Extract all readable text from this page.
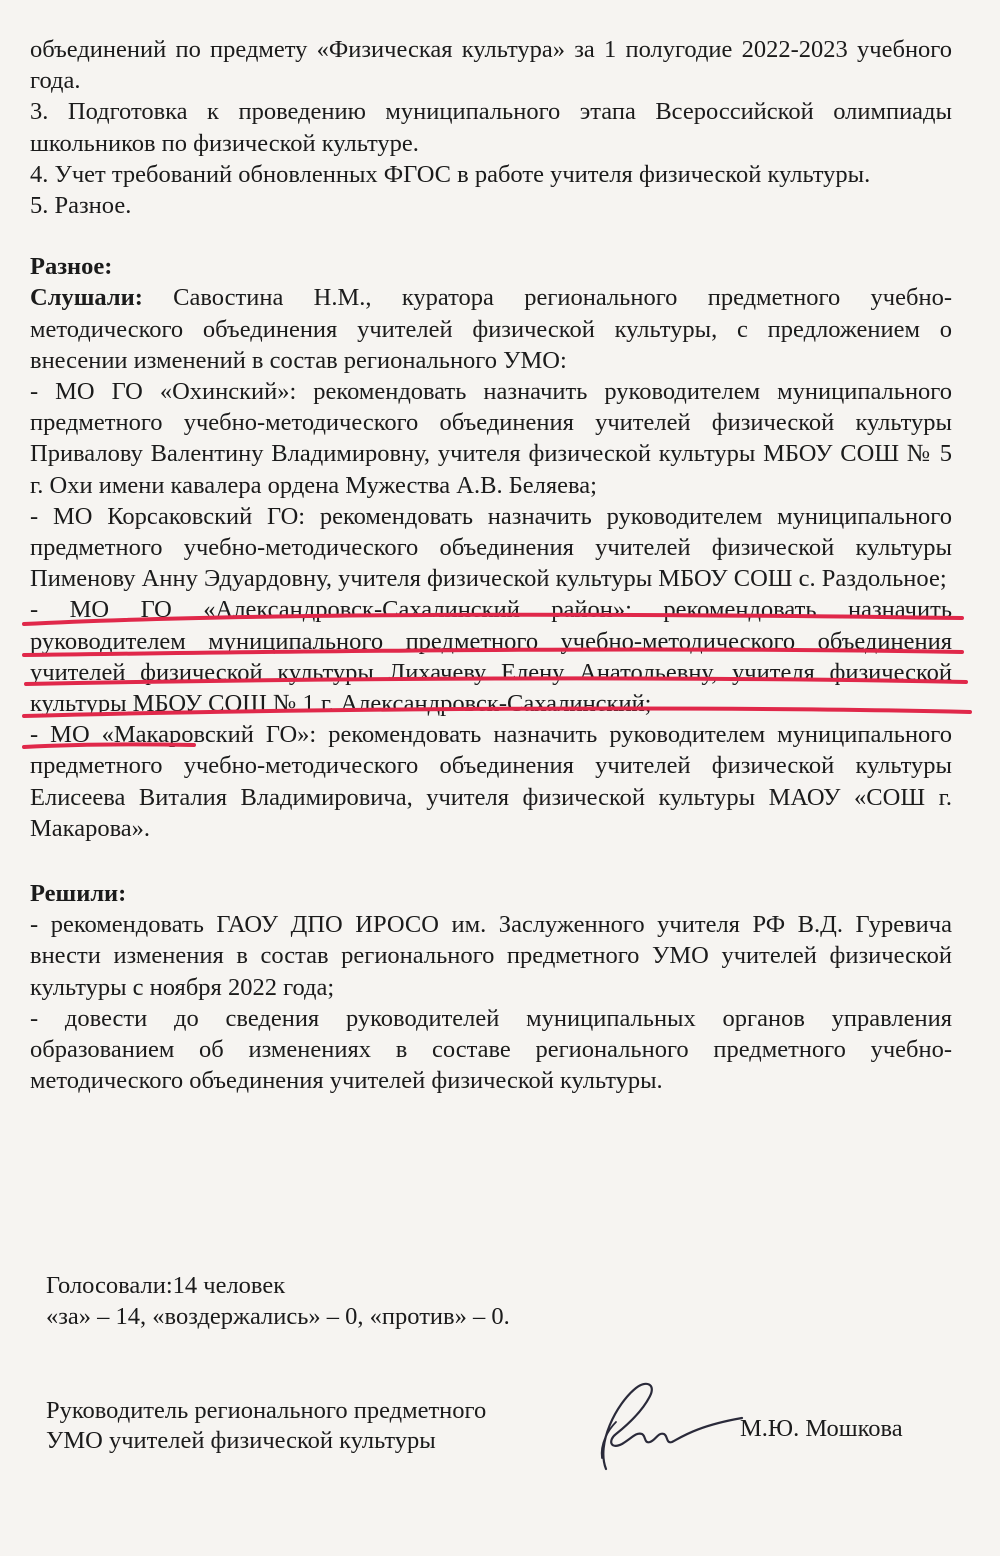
объединений по предмету «Физическая культура» за 1 полугодие 2022-2023 учебного года.

3. Подготовка к проведению муниципального этапа Всероссийской олимпиады школьников по физической культуре.

4. Учет требований обновленных ФГОС в работе учителя физической культуры.

5. Разное.

Разное:

Слушали: Савостина Н.М., куратора регионального предметного учебно-методического объединения учителей физической культуры, с предложением о внесении изменений в состав регионального УМО:

- МО ГО «Охинский»: рекомендовать назначить руководителем муниципального предметного учебно-методического объединения учителей физической культуры Привалову Валентину Владимировну, учителя физической культуры МБОУ СОШ № 5 г. Охи имени кавалера ордена Мужества А.В. Беляева;

- МО Корсаковский ГО: рекомендовать назначить руководителем муниципального предметного учебно-методического объединения учителей физической культуры Пименову Анну Эдуардовну, учителя физической культуры МБОУ СОШ с. Раздольное;

- МО ГО «Александровск-Сахалинский район»: рекомендовать назначить руководителем муниципального предметного учебно-методического объединения учителей физической культуры Лихачеву Елену Анатольевну, учителя физической культуры МБОУ СОШ № 1 г. Александровск-Сахалинский;

- МО «Макаровский ГО»: рекомендовать назначить руководителем муниципального предметного учебно-методического объединения учителей физической культуры Елисеева Виталия Владимировича, учителя физической культуры МАОУ «СОШ г. Макарова».

Решили:

- рекомендовать ГАОУ ДПО ИРОСО им. Заслуженного учителя РФ В.Д. Гуревича внести изменения в состав регионального предметного УМО учителей физической культуры с ноября 2022 года;

- довести до сведения руководителей муниципальных органов управления образованием об изменениях в составе регионального предметного учебно-методического объединения учителей физической культуры.

Голосовали:14 человек
«за» – 14, «воздержались» – 0, «против» – 0.
Руководитель регионального предметного
УМО учителей физической культуры	М.Ю. Мошкова
